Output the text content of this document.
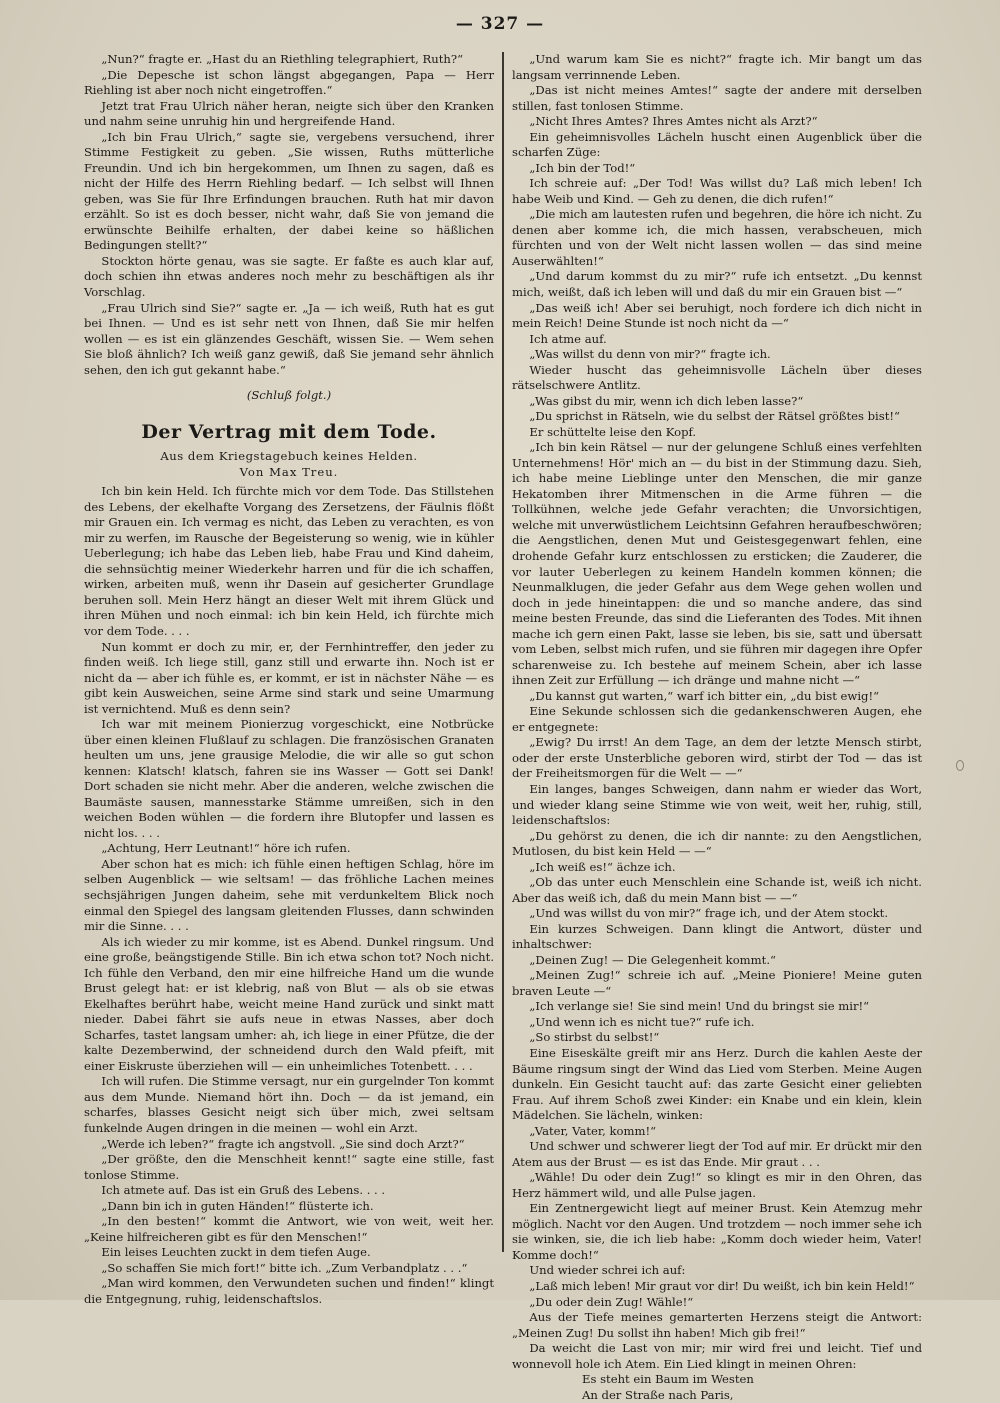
— 327 —

„Nun?“ fragte er. „Hast du an Riethling telegraphiert, Ruth?“

„Die Depesche ist schon längst abgegangen, Papa — Herr Riehling ist aber noch nicht eingetroffen.“

Jetzt trat Frau Ulrich näher heran, neigte sich über den Kranken und nahm seine unruhig hin und hergreifende Hand.

„Ich bin Frau Ulrich,“ sagte sie, vergebens versuchend, ihrer Stimme Festigkeit zu geben. „Sie wissen, Ruths mütterliche Freundin. Und ich bin hergekommen, um Ihnen zu sagen, daß es nicht der Hilfe des Herrn Riehling bedarf. — Ich selbst will Ihnen geben, was Sie für Ihre Erfindungen brauchen. Ruth hat mir davon erzählt. So ist es doch besser, nicht wahr, daß Sie von jemand die erwünschte Beihilfe erhalten, der dabei keine so häßlichen Bedingungen stellt?“

Stockton hörte genau, was sie sagte. Er faßte es auch klar auf, doch schien ihn etwas anderes noch mehr zu beschäftigen als ihr Vorschlag.

„Frau Ulrich sind Sie?“ sagte er. „Ja — ich weiß, Ruth hat es gut bei Ihnen. — Und es ist sehr nett von Ihnen, daß Sie mir helfen wollen — es ist ein glänzendes Geschäft, wissen Sie. — Wem sehen Sie bloß ähnlich? Ich weiß ganz gewiß, daß Sie jemand sehr ähnlich sehen, den ich gut gekannt habe.“

(Schluß folgt.)

Der Vertrag mit dem Tode.

Aus dem Kriegstagebuch keines Helden.

Von Max Treu.

Ich bin kein Held. Ich fürchte mich vor dem Tode. Das Stillstehen des Lebens, der ekelhafte Vorgang des Zersetzens, der Fäulnis flößt mir Grauen ein. Ich vermag es nicht, das Leben zu verachten, es von mir zu werfen, im Rausche der Begeisterung so wenig, wie in kühler Ueberlegung; ich habe das Leben lieb, habe Frau und Kind daheim, die sehnsüchtig meiner Wiederkehr harren und für die ich schaffen, wirken, arbeiten muß, wenn ihr Dasein auf gesicherter Grundlage beruhen soll. Mein Herz hängt an dieser Welt mit ihrem Glück und ihren Mühen und noch einmal: ich bin kein Held, ich fürchte mich vor dem Tode. . . .

Nun kommt er doch zu mir, er, der Fernhintreffer, den jeder zu finden weiß. Ich liege still, ganz still und erwarte ihn. Noch ist er nicht da — aber ich fühle es, er kommt, er ist in nächster Nähe — es gibt kein Ausweichen, seine Arme sind stark und seine Umarmung ist vernichtend. Muß es denn sein?

Ich war mit meinem Pionierzug vorgeschickt, eine Notbrücke über einen kleinen Flußlauf zu schlagen. Die französischen Granaten heulten um uns, jene grausige Melodie, die wir alle so gut schon kennen: Klatsch! klatsch, fahren sie ins Wasser — Gott sei Dank! Dort schaden sie nicht mehr. Aber die anderen, welche zwischen die Baumäste sausen, mannesstarke Stämme umreißen, sich in den weichen Boden wühlen — die fordern ihre Blutopfer und lassen es nicht los. . . .

„Achtung, Herr Leutnant!“ höre ich rufen.

Aber schon hat es mich: ich fühle einen heftigen Schlag, höre im selben Augenblick — wie seltsam! — das fröhliche Lachen meines sechsjährigen Jungen daheim, sehe mit verdunkeltem Blick noch einmal den Spiegel des langsam gleitenden Flusses, dann schwinden mir die Sinne. . . .

Als ich wieder zu mir komme, ist es Abend. Dunkel ringsum. Und eine große, beängstigende Stille. Bin ich etwa schon tot? Noch nicht. Ich fühle den Verband, den mir eine hilfreiche Hand um die wunde Brust gelegt hat: er ist klebrig, naß von Blut — als ob sie etwas Ekelhaftes berührt habe, weicht meine Hand zurück und sinkt matt nieder. Dabei fährt sie aufs neue in etwas Nasses, aber doch Scharfes, tastet langsam umher: ah, ich liege in einer Pfütze, die der kalte Dezemberwind, der schneidend durch den Wald pfeift, mit einer Eiskruste überziehen will — ein unheimliches Totenbett. . . .

Ich will rufen. Die Stimme versagt, nur ein gurgelnder Ton kommt aus dem Munde. Niemand hört ihn. Doch — da ist jemand, ein scharfes, blasses Gesicht neigt sich über mich, zwei seltsam funkelnde Augen dringen in die meinen — wohl ein Arzt.

„Werde ich leben?“ fragte ich angstvoll. „Sie sind doch Arzt?“

„Der größte, den die Menschheit kennt!“ sagte eine stille, fast tonlose Stimme.

Ich atmete auf. Das ist ein Gruß des Lebens. . . .

„Dann bin ich in guten Händen!“ flüsterte ich.

„In den besten!“ kommt die Antwort, wie von weit, weit her. „Keine hilfreicheren gibt es für den Menschen!“

Ein leises Leuchten zuckt in dem tiefen Auge.

„So schaffen Sie mich fort!“ bitte ich. „Zum Verbandplatz . . .“

„Man wird kommen, den Verwundeten suchen und finden!“ klingt die Entgegnung, ruhig, leidenschaftslos.

„Und warum kam Sie es nicht?“ fragte ich. Mir bangt um das langsam verrinnende Leben.

„Das ist nicht meines Amtes!“ sagte der andere mit derselben stillen, fast tonlosen Stimme.

„Nicht Ihres Amtes? Ihres Amtes nicht als Arzt?“

Ein geheimnisvolles Lächeln huscht einen Augenblick über die scharfen Züge:

„Ich bin der Tod!“

Ich schreie auf: „Der Tod! Was willst du? Laß mich leben! Ich habe Weib und Kind. — Geh zu denen, die dich rufen!“

„Die mich am lautesten rufen und begehren, die höre ich nicht. Zu denen aber komme ich, die mich hassen, verabscheuen, mich fürchten und von der Welt nicht lassen wollen — das sind meine Auserwählten!“

„Und darum kommst du zu mir?“ rufe ich entsetzt. „Du kennst mich, weißt, daß ich leben will und daß du mir ein Grauen bist —“

„Das weiß ich! Aber sei beruhigt, noch fordere ich dich nicht in mein Reich! Deine Stunde ist noch nicht da —“

Ich atme auf.

„Was willst du denn von mir?“ fragte ich.

Wieder huscht das geheimnisvolle Lächeln über dieses rätselschwere Antlitz.

„Was gibst du mir, wenn ich dich leben lasse?“

„Du sprichst in Rätseln, wie du selbst der Rätsel größtes bist!“

Er schüttelte leise den Kopf.

„Ich bin kein Rätsel — nur der gelungene Schluß eines verfehlten Unternehmens! Hör' mich an — du bist in der Stimmung dazu. Sieh, ich habe meine Lieblinge unter den Menschen, die mir ganze Hekatomben ihrer Mitmenschen in die Arme führen — die Tollkühnen, welche jede Gefahr verachten; die Unvorsichtigen, welche mit unverwüstlichem Leichtsinn Gefahren heraufbeschwören; die Aengstlichen, denen Mut und Geistesgegenwart fehlen, eine drohende Gefahr kurz entschlossen zu ersticken; die Zauderer, die vor lauter Ueberlegen zu keinem Handeln kommen können; die Neunmalklugen, die jeder Gefahr aus dem Wege gehen wollen und doch in jede hineintappen: die und so manche andere, das sind meine besten Freunde, das sind die Lieferanten des Todes. Mit ihnen mache ich gern einen Pakt, lasse sie leben, bis sie, satt und übersatt vom Leben, selbst mich rufen, und sie führen mir dagegen ihre Opfer scharenweise zu. Ich bestehe auf meinem Schein, aber ich lasse ihnen Zeit zur Erfüllung — ich dränge und mahne nicht —“

„Du kannst gut warten,“ warf ich bitter ein, „du bist ewig!“

Eine Sekunde schlossen sich die gedankenschweren Augen, ehe er entgegnete:

„Ewig? Du irrst! An dem Tage, an dem der letzte Mensch stirbt, oder der erste Unsterbliche geboren wird, stirbt der Tod — das ist der Freiheitsmorgen für die Welt — —“

Ein langes, banges Schweigen, dann nahm er wieder das Wort, und wieder klang seine Stimme wie von weit, weit her, ruhig, still, leidenschaftslos:

„Du gehörst zu denen, die ich dir nannte: zu den Aengstlichen, Mutlosen, du bist kein Held — —“

„Ich weiß es!“ ächze ich.

„Ob das unter euch Menschlein eine Schande ist, weiß ich nicht. Aber das weiß ich, daß du mein Mann bist — —“

„Und was willst du von mir?“ frage ich, und der Atem stockt.

Ein kurzes Schweigen. Dann klingt die Antwort, düster und inhaltschwer:

„Deinen Zug! — Die Gelegenheit kommt.“

„Meinen Zug!“ schreie ich auf. „Meine Pioniere! Meine guten braven Leute —“

„Ich verlange sie! Sie sind mein! Und du bringst sie mir!“

„Und wenn ich es nicht tue?“ rufe ich.

„So stirbst du selbst!“

Eine Eiseskälte greift mir ans Herz. Durch die kahlen Aeste der Bäume ringsum singt der Wind das Lied vom Sterben. Meine Augen dunkeln. Ein Gesicht taucht auf: das zarte Gesicht einer geliebten Frau. Auf ihrem Schoß zwei Kinder: ein Knabe und ein klein, klein Mädelchen. Sie lächeln, winken:

„Vater, Vater, komm!“

Und schwer und schwerer liegt der Tod auf mir. Er drückt mir den Atem aus der Brust — es ist das Ende. Mir graut . . .

„Wähle! Du oder dein Zug!“ so klingt es mir in den Ohren, das Herz hämmert wild, und alle Pulse jagen.

Ein Zentnergewicht liegt auf meiner Brust. Kein Atemzug mehr möglich. Nacht vor den Augen. Und trotzdem — noch immer sehe ich sie winken, sie, die ich lieb habe: „Komm doch wieder heim, Vater! Komme doch!“

Und wieder schrei ich auf:

„Laß mich leben! Mir graut vor dir! Du weißt, ich bin kein Held!“

„Du oder dein Zug! Wähle!“

Aus der Tiefe meines gemarterten Herzens steigt die Antwort: „Meinen Zug! Du sollst ihn haben! Mich gib frei!“

Da weicht die Last von mir; mir wird frei und leicht. Tief und wonnevoll hole ich Atem. Ein Lied klingt in meinen Ohren:

Es steht ein Baum im Westen
An der Straße nach Paris,
